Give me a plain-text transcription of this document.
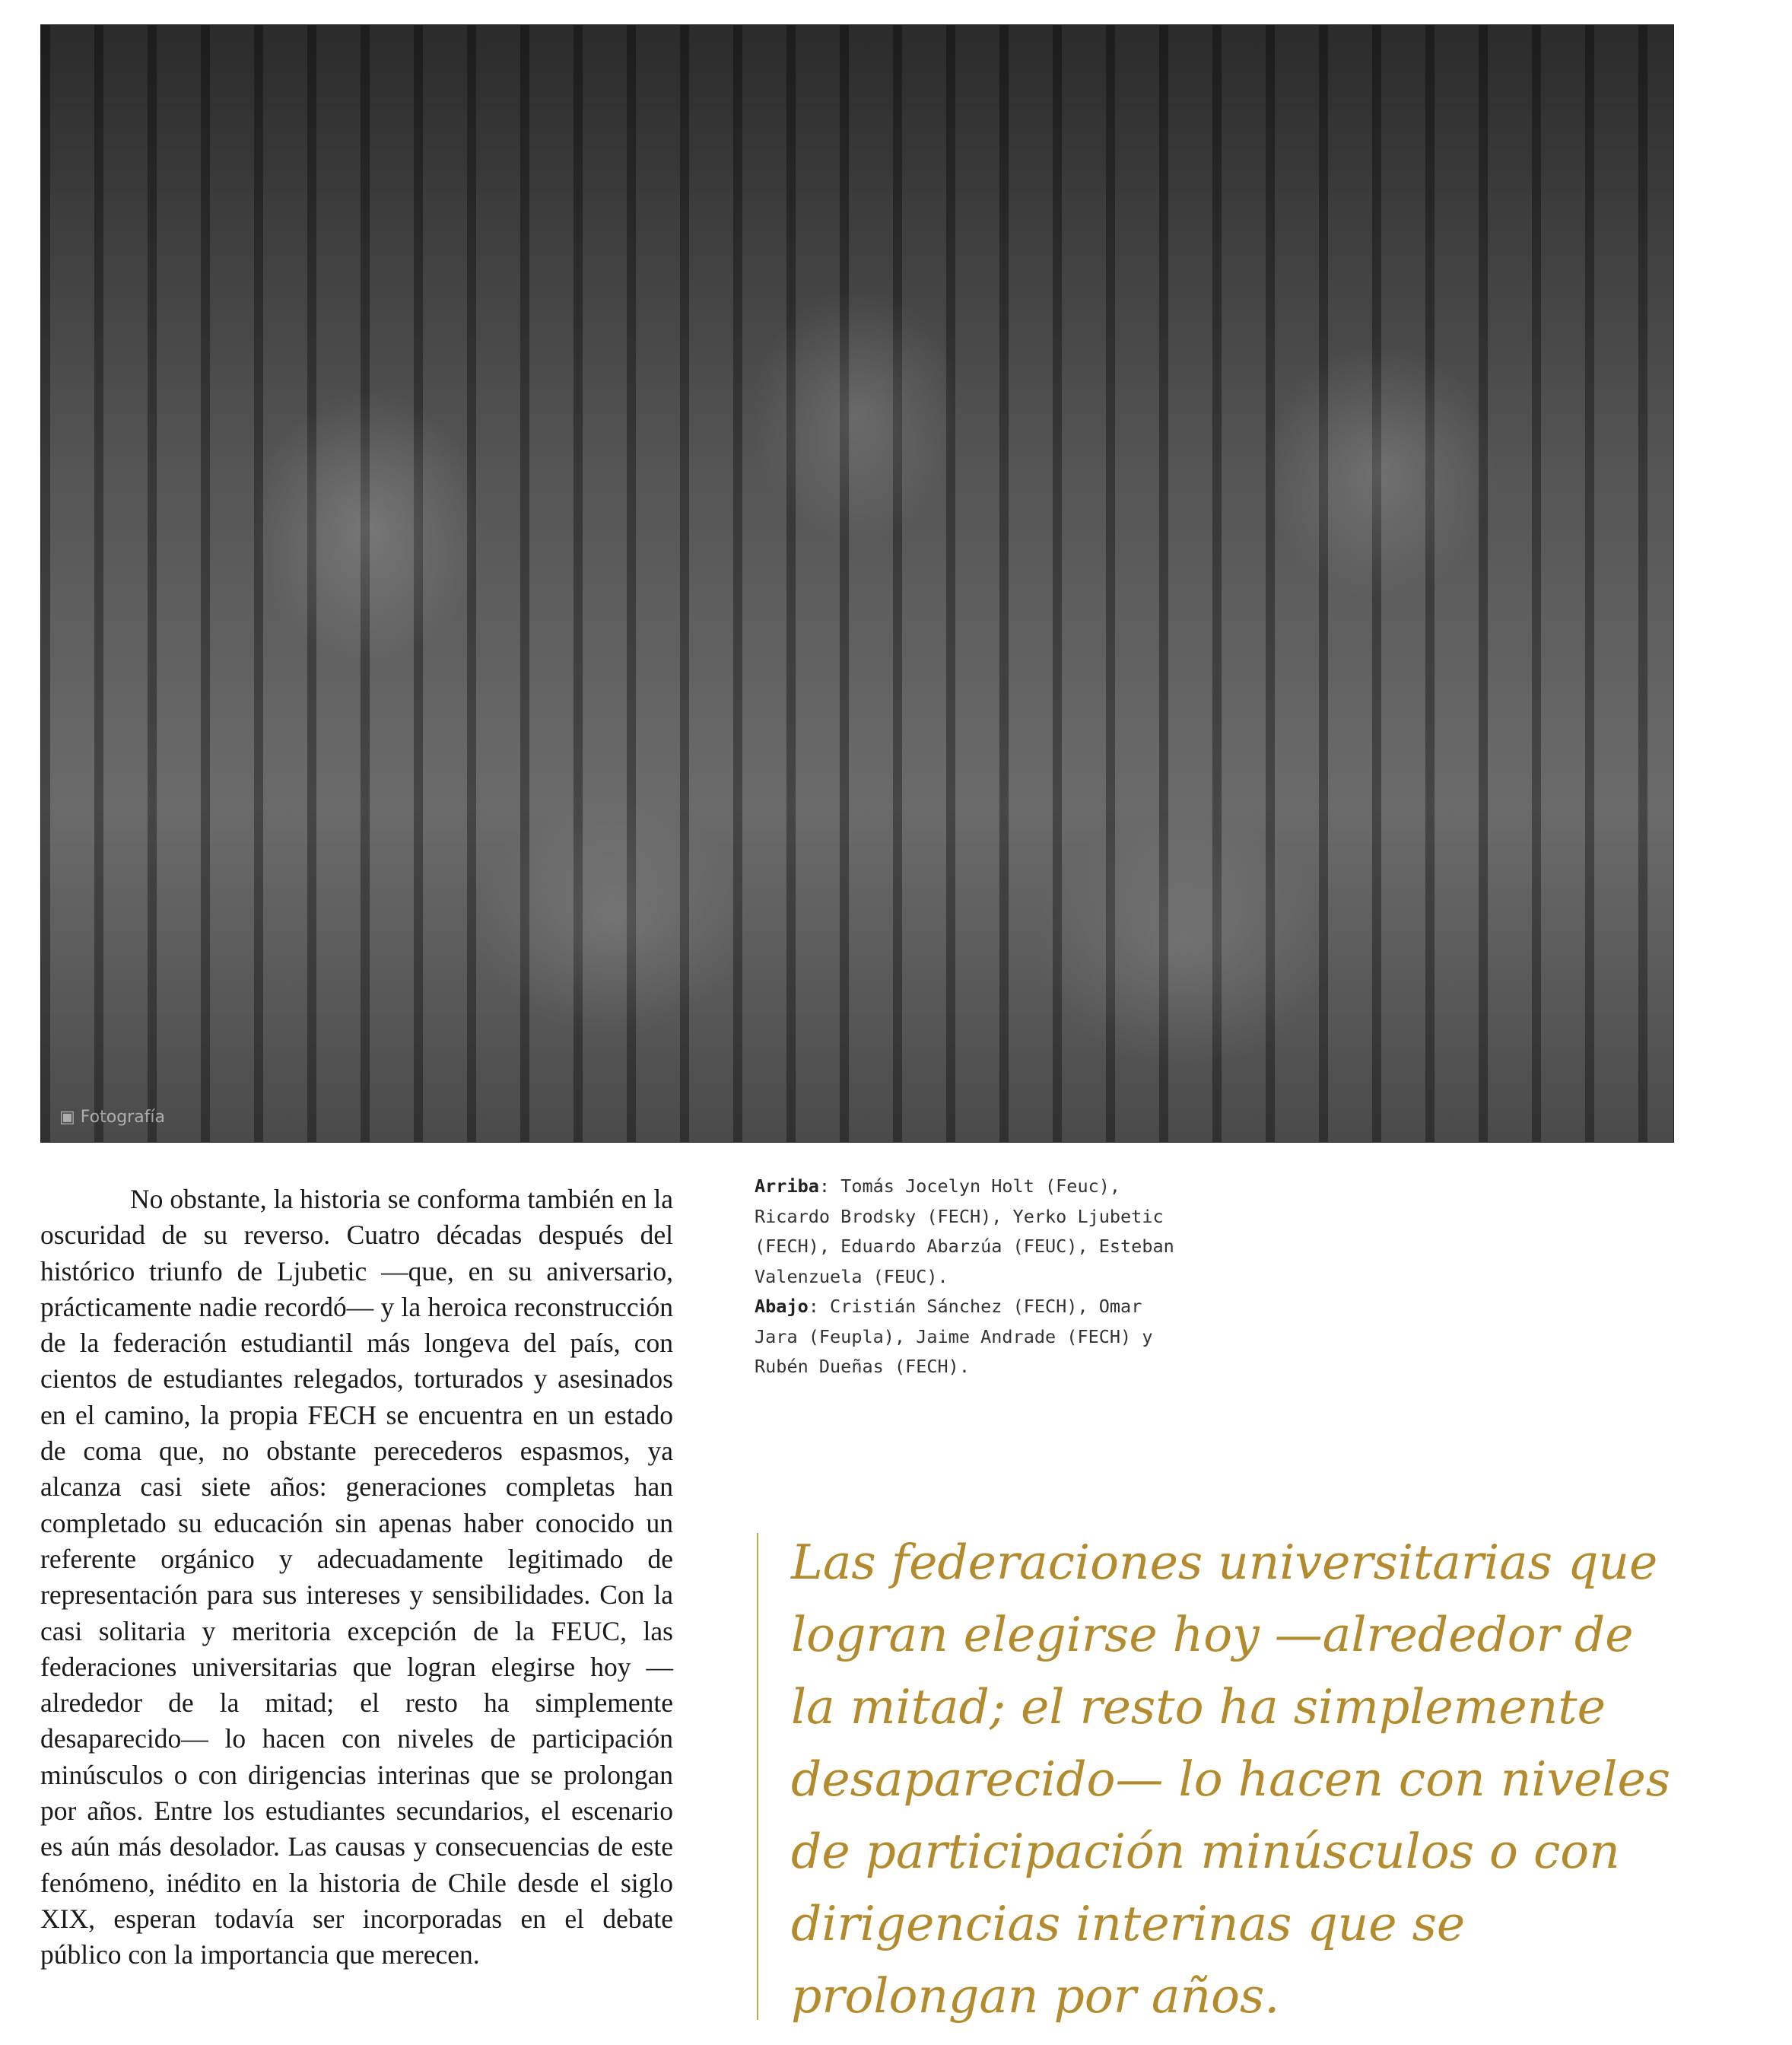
▣ Fotografía
Arriba: Tomás Jocelyn Holt (Feuc), Ricardo Brodsky (FECH), Yerko Ljubetic (FECH), Eduardo Abarzúa (FEUC), Esteban Valenzuela (FEUC).
Abajo: Cristián Sánchez (FECH), Omar Jara (Feupla), Jaime Andrade (FECH) y Rubén Dueñas (FECH).

No obstante, la historia se conforma también en la oscuridad de su reverso. Cuatro décadas después del histórico triunfo de Ljubetic —que, en su aniversario, prácticamente nadie recordó— y la heroica reconstrucción de la federación estudiantil más longeva del país, con cientos de estudiantes relegados, torturados y asesinados en el camino, la propia FECH se encuentra en un estado de coma que, no obstante perecederos espasmos, ya alcanza casi siete años: generaciones completas han completado su educación sin apenas haber conocido un referente orgánico y adecuadamente legitimado de representación para sus intereses y sensibilidades. Con la casi solitaria y meritoria excepción de la FEUC, las federaciones universitarias que logran elegirse hoy —alrededor de la mitad; el resto ha simplemente desaparecido— lo hacen con niveles de participación minúsculos o con dirigencias interinas que se prolongan por años. Entre los estudiantes secundarios, el escenario es aún más desolador. Las causas y consecuencias de este fenómeno, inédito en la historia de Chile desde el siglo XIX, esperan todavía ser incorporadas en el debate público con la importancia que merecen.

Las federaciones universitarias que logran elegirse hoy —alrededor de la mitad; el resto ha simplemente desaparecido— lo hacen con niveles de participación minúsculos o con dirigencias interinas que se prolongan por años.
